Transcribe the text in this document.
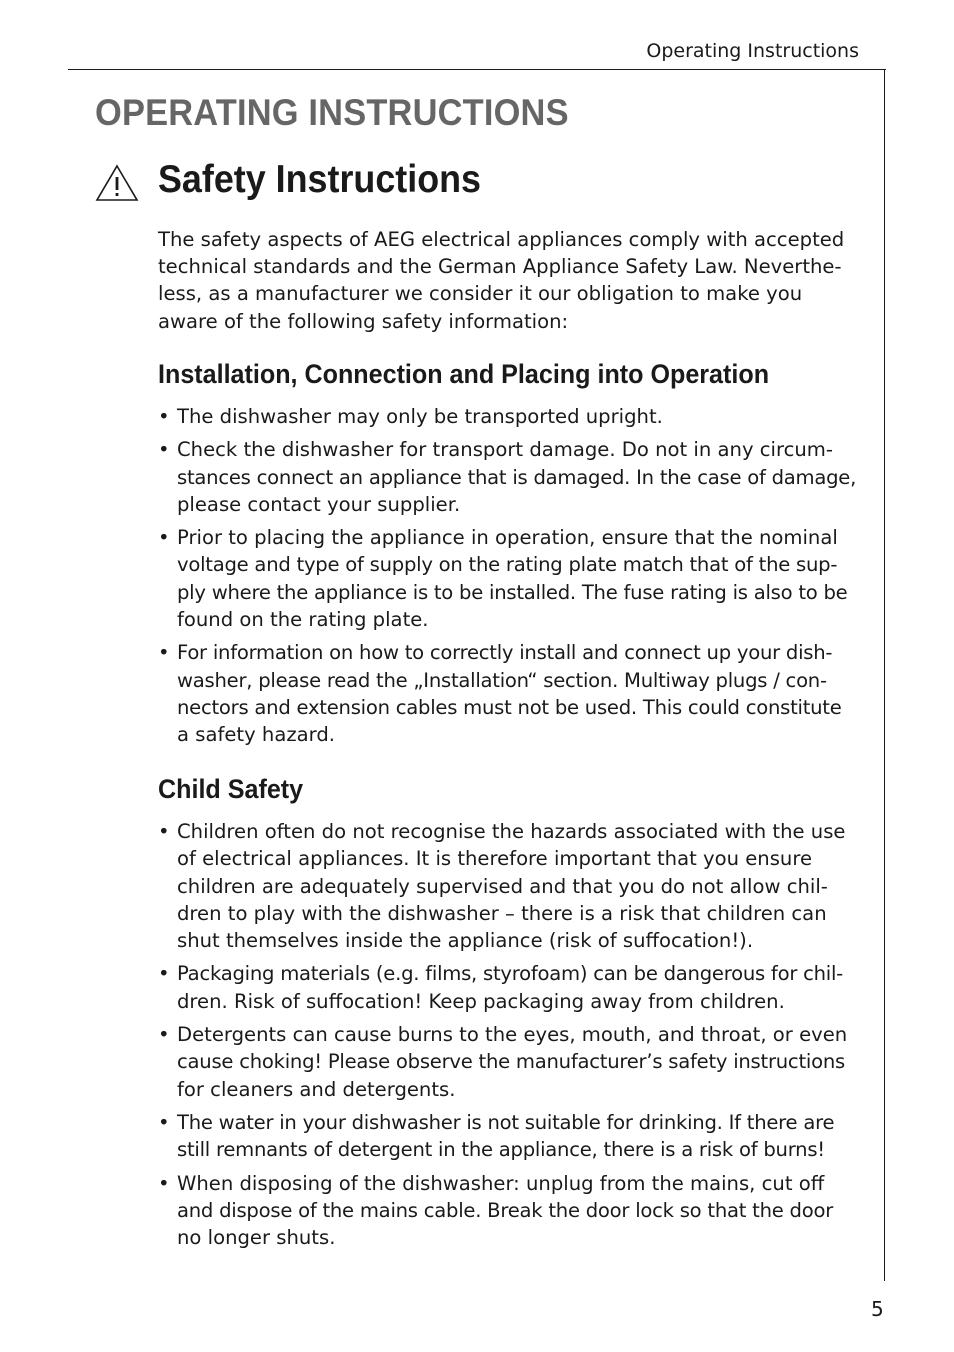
Operating Instructions
OPERATING INSTRUCTIONS
Safety Instructions
The safety aspects of AEG electrical appliances comply with accepted
technical standards and the German Appliance Safety Law. Neverthe-
less, as a manufacturer we consider it our obligation to make you
aware of the following safety information:
Installation, Connection and Placing into Operation
• The dishwasher may only be transported upright.
• Check the dishwasher for transport damage. Do not in any circum-
stances connect an appliance that is damaged. In the case of damage,
please contact your supplier.
• Prior to placing the appliance in operation, ensure that the nominal
voltage and type of supply on the rating plate match that of the sup-
ply where the appliance is to be installed. The fuse rating is also to be
found on the rating plate.
• For information on how to correctly install and connect up your dish-
washer, please read the „Installation“ section. Multiway plugs / con-
nectors and extension cables must not be used. This could constitute
a safety hazard.
Child Safety
• Children often do not recognise the hazards associated with the use
of electrical appliances. It is therefore important that you ensure
children are adequately supervised and that you do not allow chil-
dren to play with the dishwasher – there is a risk that children can
shut themselves inside the appliance (risk of suffocation!).
• Packaging materials (e.g. films, styrofoam) can be dangerous for chil-
dren. Risk of suffocation! Keep packaging away from children.
• Detergents can cause burns to the eyes, mouth, and throat, or even
cause choking! Please observe the manufacturer’s safety instructions
for cleaners and detergents.
• The water in your dishwasher is not suitable for drinking. If there are
still remnants of detergent in the appliance, there is a risk of burns!
• When disposing of the dishwasher: unplug from the mains, cut off
and dispose of the mains cable. Break the door lock so that the door
no longer shuts.
5
